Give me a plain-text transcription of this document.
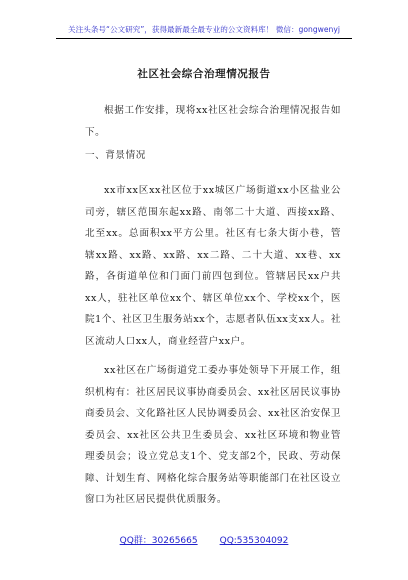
关注头条号“公文研究”，获得最新最全最专业的公文资料库！ 微信：gongwenyj
社区社会综合治理情况报告
根据工作安排，现将xx社区社会综合治理情况报告如下。
一、背景情况
xx市xx区xx社区位于xx城区广场街道xx小区盐业公司旁，辖区范围东起xx路、南邻二十大道、西接xx路、北至xx。总面积xx平方公里。社区有七条大街小巷，管辖xx路、xx路、xx路、xx二路、二十大道、xx巷、xx路，各街道单位和门面门前四包到位。管辖居民xx户共xx人，驻社区单位xx个、辖区单位xx个、学校xx个，医院1个、社区卫生服务站xx个，志愿者队伍xx支xx人。社区流动人口xx人，商业经营户xx户。
xx社区在广场街道党工委办事处领导下开展工作，组织机构有：社区居民议事协商委员会、xx社区居民议事协商委员会、文化路社区人民协调委员会、xx社区治安保卫委员会、xx社区公共卫生委员会、xx社区环境和物业管理委员会；设立党总支1个、党支部2个，民政、劳动保障、计划生育、网格化综合服务站等职能部门在社区设立窗口为社区居民提供优质服务。
QQ群：30265665 QQ:535304092
